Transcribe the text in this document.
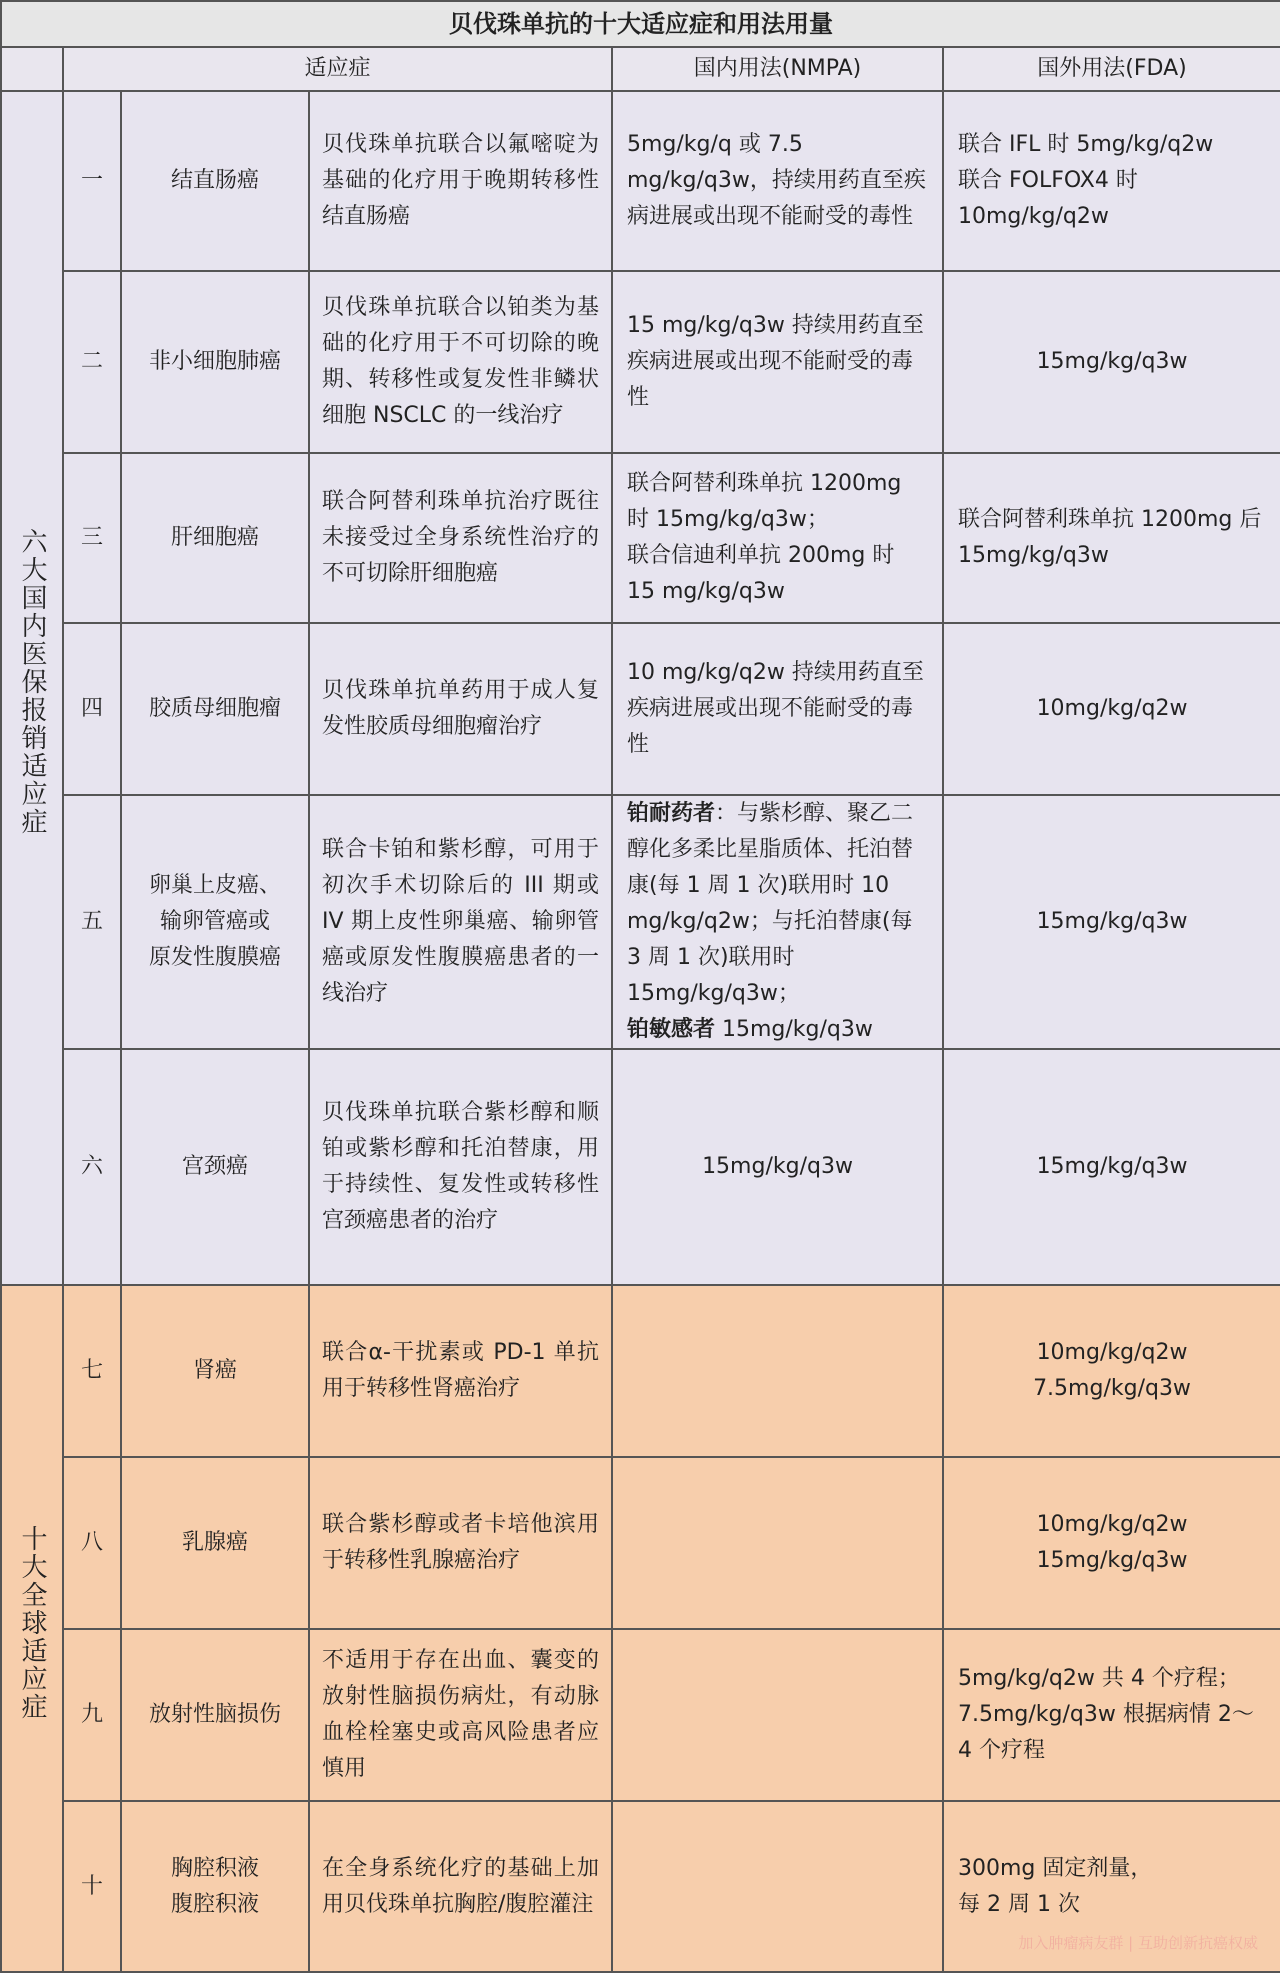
贝伐珠单抗的十大适应症和用法用量					
	适应症			国内用法(NMPA)	国外用法(FDA)
六大国内医保报销适应症	一	结直肠癌	贝伐珠单抗联合以氟嘧啶为基础的化疗用于晚期转移性结直肠癌	5mg/kg/q 或 7.5 mg/kg/q3w，持续用药直至疾病进展或出现不能耐受的毒性	联合 IFL 时 5mg/kg/q2w
联合 FOLFOX4 时 10mg/kg/q2w
	二	非小细胞肺癌	贝伐珠单抗联合以铂类为基础的化疗用于不可切除的晚期、转移性或复发性非鳞状细胞 NSCLC 的一线治疗	15 mg/kg/q3w 持续用药直至疾病进展或出现不能耐受的毒性	15mg/kg/q3w
	三	肝细胞癌	联合阿替利珠单抗治疗既往未接受过全身系统性治疗的不可切除肝细胞癌	联合阿替利珠单抗 1200mg 时 15mg/kg/q3w；
联合信迪利单抗 200mg 时 15 mg/kg/q3w	联合阿替利珠单抗 1200mg 后 15mg/kg/q3w
	四	胶质母细胞瘤	贝伐珠单抗单药用于成人复发性胶质母细胞瘤治疗	10 mg/kg/q2w 持续用药直至疾病进展或出现不能耐受的毒性	10mg/kg/q2w
	五	卵巢上皮癌、
输卵管癌或
原发性腹膜癌	联合卡铂和紫杉醇，可用于初次手术切除后的 III 期或 IV 期上皮性卵巢癌、输卵管癌或原发性腹膜癌患者的一线治疗	铂耐药者：与紫杉醇、聚乙二醇化多柔比星脂质体、托泊替康(每 1 周 1 次)联用时 10 mg/kg/q2w；与托泊替康(每 3 周 1 次)联用时 15mg/kg/q3w；
铂敏感者 15mg/kg/q3w	15mg/kg/q3w
	六	宫颈癌	贝伐珠单抗联合紫杉醇和顺铂或紫杉醇和托泊替康，用于持续性、复发性或转移性宫颈癌患者的治疗	15mg/kg/q3w	15mg/kg/q3w
十大全球适应症	七	肾癌	联合α-干扰素或 PD-1 单抗用于转移性肾癌治疗		10mg/kg/q2w
7.5mg/kg/q3w
	八	乳腺癌	联合紫杉醇或者卡培他滨用于转移性乳腺癌治疗		10mg/kg/q2w
15mg/kg/q3w
	九	放射性脑损伤	不适用于存在出血、囊变的放射性脑损伤病灶，有动脉血栓栓塞史或高风险患者应慎用		5mg/kg/q2w 共 4 个疗程；
7.5mg/kg/q3w 根据病情 2～4 个疗程
	十	胸腔积液
腹腔积液	在全身系统化疗的基础上加用贝伐珠单抗胸腔/腹腔灌注		300mg 固定剂量，
每 2 周 1 次
加入肿瘤病友群 | 互助创新抗癌权威
